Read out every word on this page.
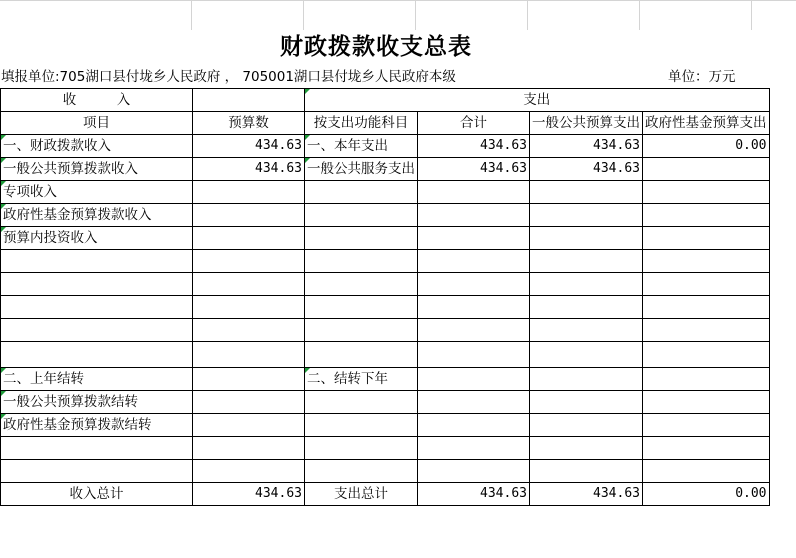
财政拨款收支总表
填报单位:705湖口县付垅乡人民政府 ， 705001湖口县付垅乡人民政府本级	单位：万元
收　　　入		支出			
项目	预算数	按支出功能科目	合计	一般公共预算支出	政府性基金预算支出
一、财政拨款收入	434.63	一、本年支出	434.63	434.63	0.00
一般公共预算拨款收入	434.63	一般公共服务支出	434.63	434.63	
专项收入					
政府性基金预算拨款收入					
预算内投资收入					

二、上年结转		二、结转下年			
一般公共预算拨款结转					
政府性基金预算拨款结转					

收入总计	434.63	支出总计	434.63	434.63	0.00
